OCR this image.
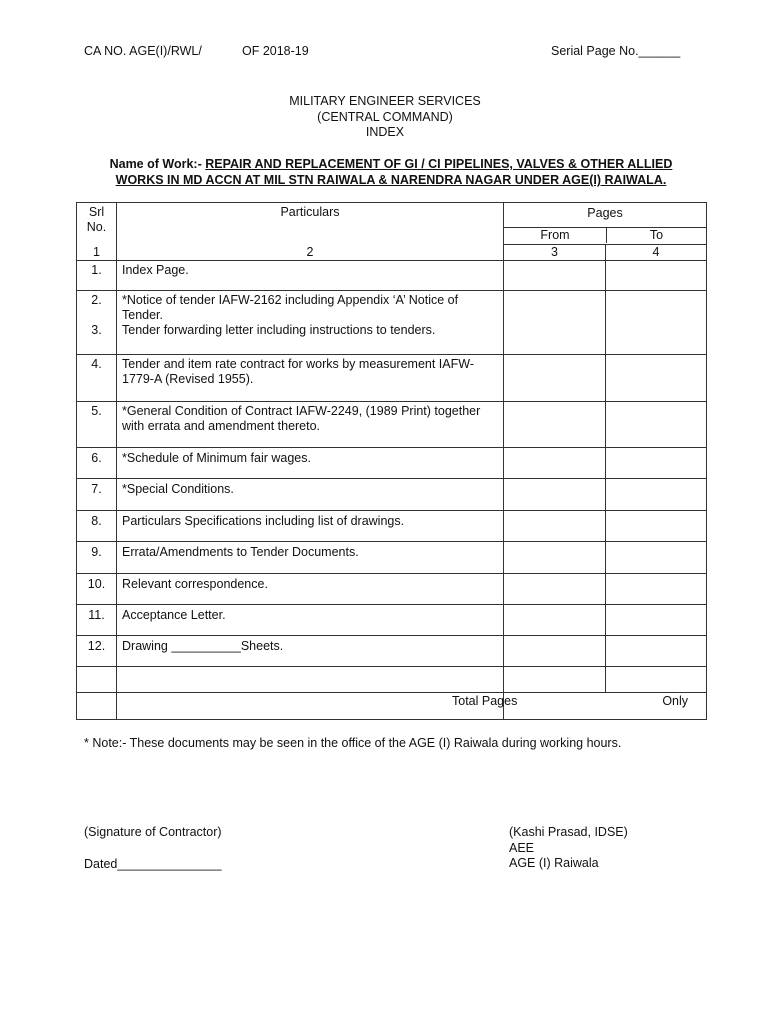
CA NO. AGE(I)/RWL/	OF 2018-19	Serial Page No.______
MILITARY ENGINEER SERVICES
(CENTRAL COMMAND)
INDEX
Name of Work:- REPAIR AND REPLACEMENT OF GI / CI PIPELINES, VALVES & OTHER ALLIED
WORKS IN MD ACCN AT MIL STN RAIWALA & NARENDRA NAGAR UNDER AGE(I) RAIWALA.
Srl No.	Particulars	Pages
From To	

1	2	3	4
1.	Index Page.		
2.	*Notice of tender IAFW-2162 including Appendix ‘A’ Notice of Tender.		
3.	Tender forwarding letter including instructions to tenders.		
4.	Tender and item rate contract for works by measurement IAFW-1779-A (Revised 1955).		
5.	*General Condition of Contract IAFW-2249, (1989 Print) together with errata and amendment thereto.		
6.	*Schedule of Minimum fair wages.		
7.	*Special Conditions.		
8.	Particulars Specifications including list of drawings.		
9.	Errata/Amendments to Tender Documents.		
10.	Relevant correspondence.		
11.	Acceptance Letter.		
12.	Drawing __________Sheets.		

		Total Pages Only	
* Note:- These documents may be seen in the office of the AGE (I) Raiwala during working hours.
(Signature of Contractor)
Dated_______________
(Kashi Prasad, IDSE)
AEE
AGE (I) Raiwala
